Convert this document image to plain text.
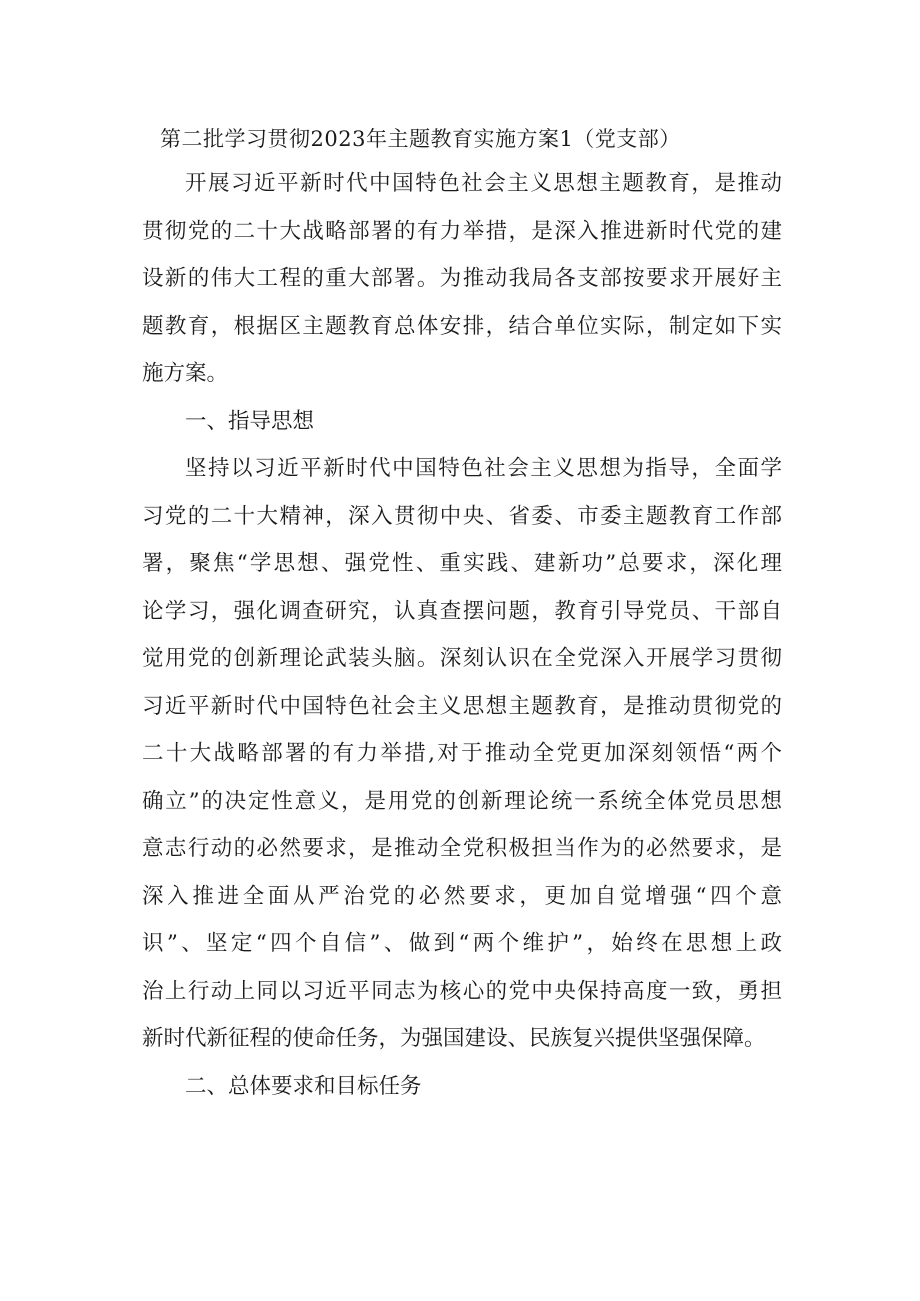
第二批学习贯彻2023年主题教育实施方案1（党支部）
开展习近平新时代中国特色社会主义思想主题教育，是推动
贯彻党的二十大战略部署的有力举措，是深入推进新时代党的建
设新的伟大工程的重大部署。为推动我局各支部按要求开展好主
题教育，根据区主题教育总体安排，结合单位实际，制定如下实
施方案。
一、指导思想
坚持以习近平新时代中国特色社会主义思想为指导，全面学
习党的二十大精神，深入贯彻中央、省委、市委主题教育工作部
署，聚焦“学思想、强党性、重实践、建新功”总要求，深化理
论学习，强化调查研究，认真查摆问题，教育引导党员、干部自
觉用党的创新理论武装头脑。深刻认识在全党深入开展学习贯彻
习近平新时代中国特色社会主义思想主题教育，是推动贯彻党的
二十大战略部署的有力举措,对于推动全党更加深刻领悟“两个
确立”的决定性意义，是用党的创新理论统一系统全体党员思想
意志行动的必然要求，是推动全党积极担当作为的必然要求，是
深入推进全面从严治党的必然要求，更加自觉增强“四个意
识”、坚定“四个自信”、做到“两个维护”，始终在思想上政
治上行动上同以习近平同志为核心的党中央保持高度一致，勇担
新时代新征程的使命任务，为强国建设、民族复兴提供坚强保障。
二、总体要求和目标任务
